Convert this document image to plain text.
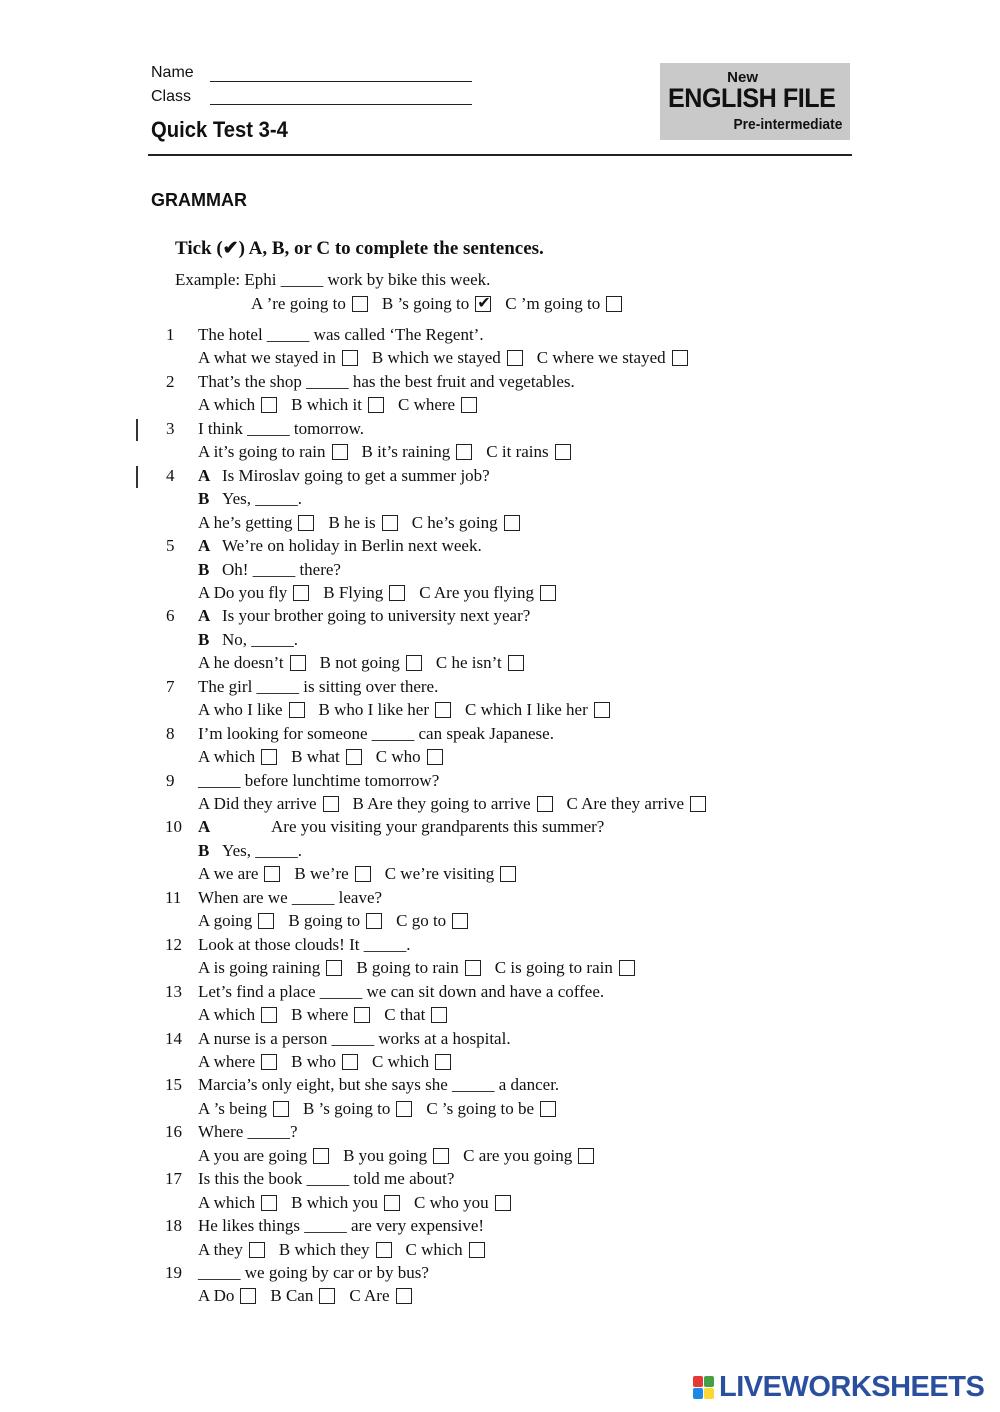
Name
Class
Quick Test 3-4
New
ENGLISH FILE
Pre-intermediate
GRAMMAR
Tick (✔) A, B, or C to complete the sentences.
Example: Ephi _____ work by bike this week.
A ’re going to B ’s going to✔ C ’m going to
1 The hotel _____ was called ‘The Regent’.
A what we stayed in B which we stayed C where we stayed
2 That’s the shop _____ has the best fruit and vegetables.
A which B which it C where
3 I think _____ tomorrow.
A it’s going to rain B it’s raining C it rains
4 A Is Miroslav going to get a summer job?
B Yes, _____.
A he’s getting B he is C he’s going
5 A We’re on holiday in Berlin next week.
B Oh! _____ there?
A Do you fly B Flying C Are you flying
6 A Is your brother going to university next year?
B No, _____.
A he doesn’t B not going C he isn’t
7 The girl _____ is sitting over there.
A who I like B who I like her C which I like her
8 I’m looking for someone _____ can speak Japanese.
A which B what C who
9 _____ before lunchtime tomorrow?
A Did they arrive B Are they going to arrive C Are they arrive
10 A	Are you visiting your grandparents this summer?
B Yes, _____.
A we are B we’re C we’re visiting
11 When are we _____ leave?
A going B going to C go to
12 Look at those clouds! It _____.
A is going raining B going to rain C is going to rain
13 Let’s find a place _____ we can sit down and have a coffee.
A which B where C that
14 A nurse is a person _____ works at a hospital.
A where B who C which
15 Marcia’s only eight, but she says she _____ a dancer.
A ’s being B ’s going to C ’s going to be
16 Where _____?
A you are going B you going C are you going
17 Is this the book _____ told me about?
A which B which you C who you
18 He likes things _____ are very expensive!
A they B which they C which
19 _____ we going by car or by bus?
A Do B Can C Are
LIVEWORKSHEETS
